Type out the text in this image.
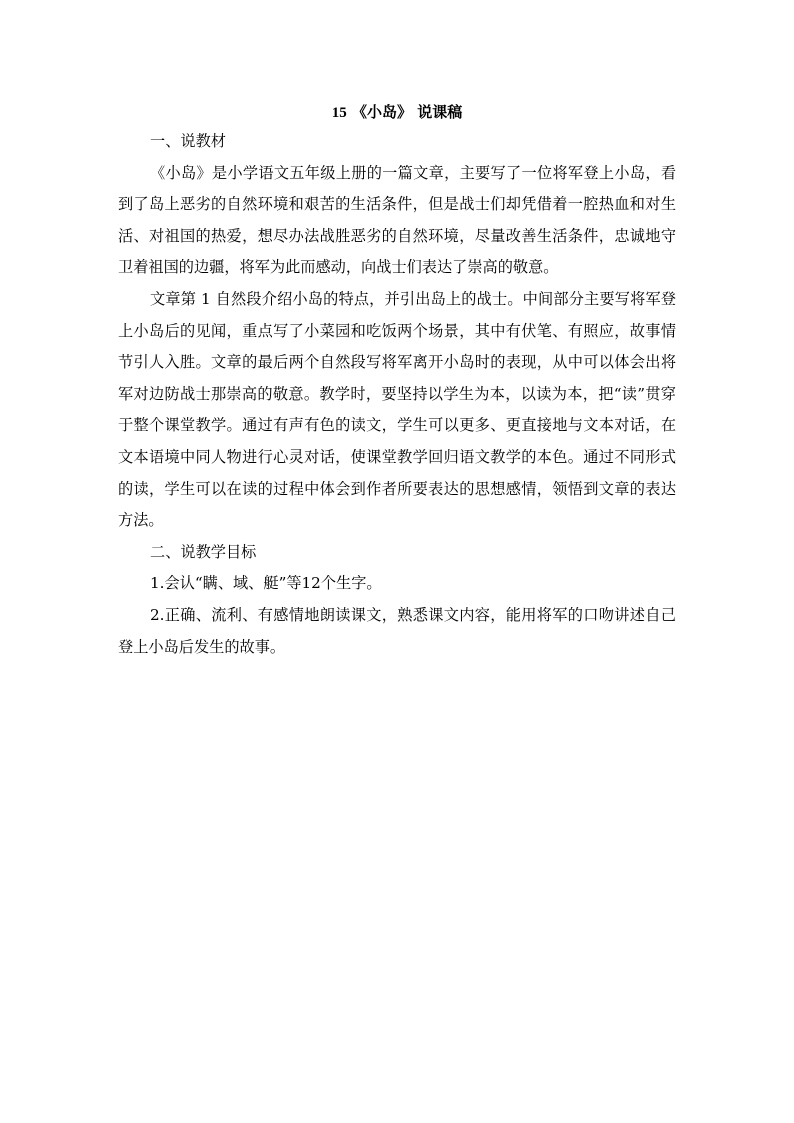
15 《小岛》 说课稿

一、说教材

《小岛》是小学语文五年级上册的一篇文章，主要写了一位将军登上小岛，看到了岛上恶劣的自然环境和艰苦的生活条件，但是战士们却凭借着一腔热血和对生活、对祖国的热爱，想尽办法战胜恶劣的自然环境，尽量改善生活条件，忠诚地守卫着祖国的边疆，将军为此而感动，向战士们表达了崇高的敬意。

文章第 1 自然段介绍小岛的特点，并引出岛上的战士。中间部分主要写将军登上小岛后的见闻，重点写了小菜园和吃饭两个场景，其中有伏笔、有照应，故事情节引人入胜。文章的最后两个自然段写将军离开小岛时的表现，从中可以体会出将军对边防战士那崇高的敬意。教学时，要坚持以学生为本，以读为本，把“读”贯穿于整个课堂教学。通过有声有色的读文，学生可以更多、更直接地与文本对话，在文本语境中同人物进行心灵对话，使课堂教学回归语文教学的本色。通过不同形式的读，学生可以在读的过程中体会到作者所要表达的思想感情，领悟到文章的表达方法。

二、说教学目标

1.会认“瞒、域、艇”等12个生字。

2.正确、流利、有感情地朗读课文，熟悉课文内容，能用将军的口吻讲述自己登上小岛后发生的故事。
